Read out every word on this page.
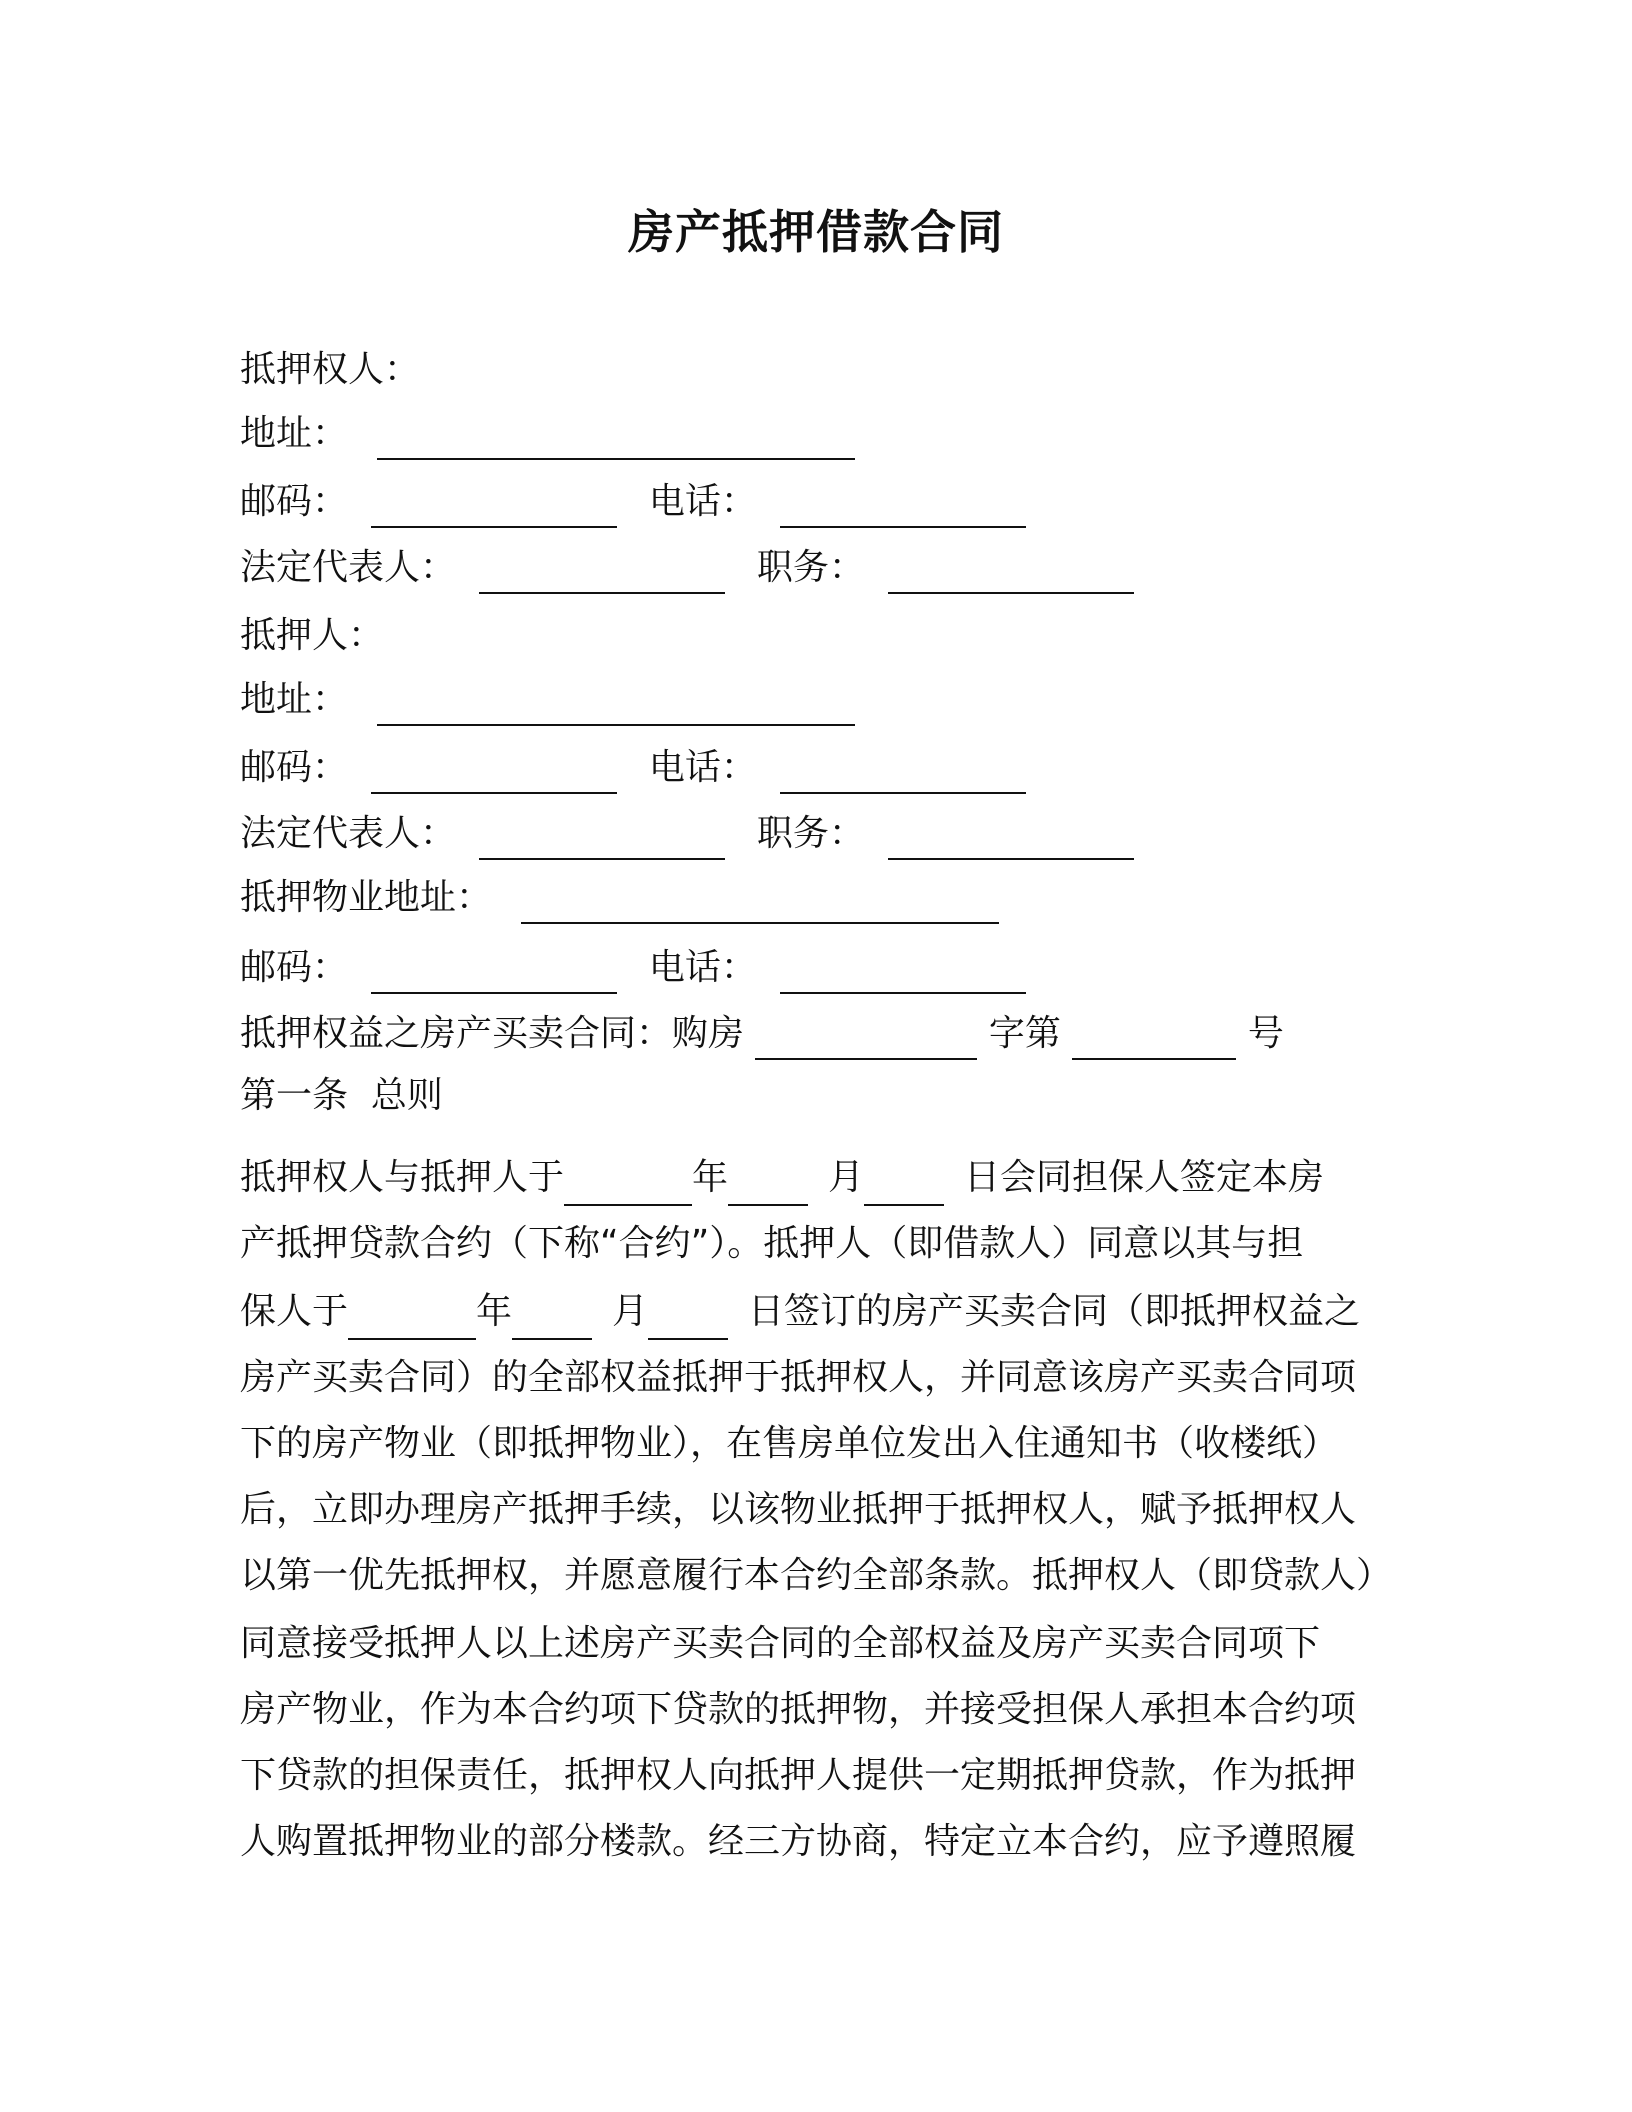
房产抵押借款合同
抵押权人：
地址：
邮码：	电话：
法定代表人：	职务：
抵押人：
地址：
邮码：	电话：
法定代表人：	职务：
抵押物业地址：
邮码：	电话：
抵押权益之房产买卖合同：购房	字第	号
第一条  总则
抵押权人与抵押人于	年	月	日会同担保人签定本房
产抵押贷款合约（下称“合约”）。抵押人（即借款人）同意以其与担
保人于	年	月	日签订的房产买卖合同（即抵押权益之
房产买卖合同）的全部权益抵押于抵押权人，并同意该房产买卖合同项
下的房产物业（即抵押物业），在售房单位发出入住通知书（收楼纸）
后，立即办理房产抵押手续，以该物业抵押于抵押权人，赋予抵押权人
以第一优先抵押权，并愿意履行本合约全部条款。抵押权人（即贷款人）
同意接受抵押人以上述房产买卖合同的全部权益及房产买卖合同项下
房产物业，作为本合约项下贷款的抵押物，并接受担保人承担本合约项
下贷款的担保责任，抵押权人向抵押人提供一定期抵押贷款，作为抵押
人购置抵押物业的部分楼款。经三方协商，特定立本合约，应予遵照履
